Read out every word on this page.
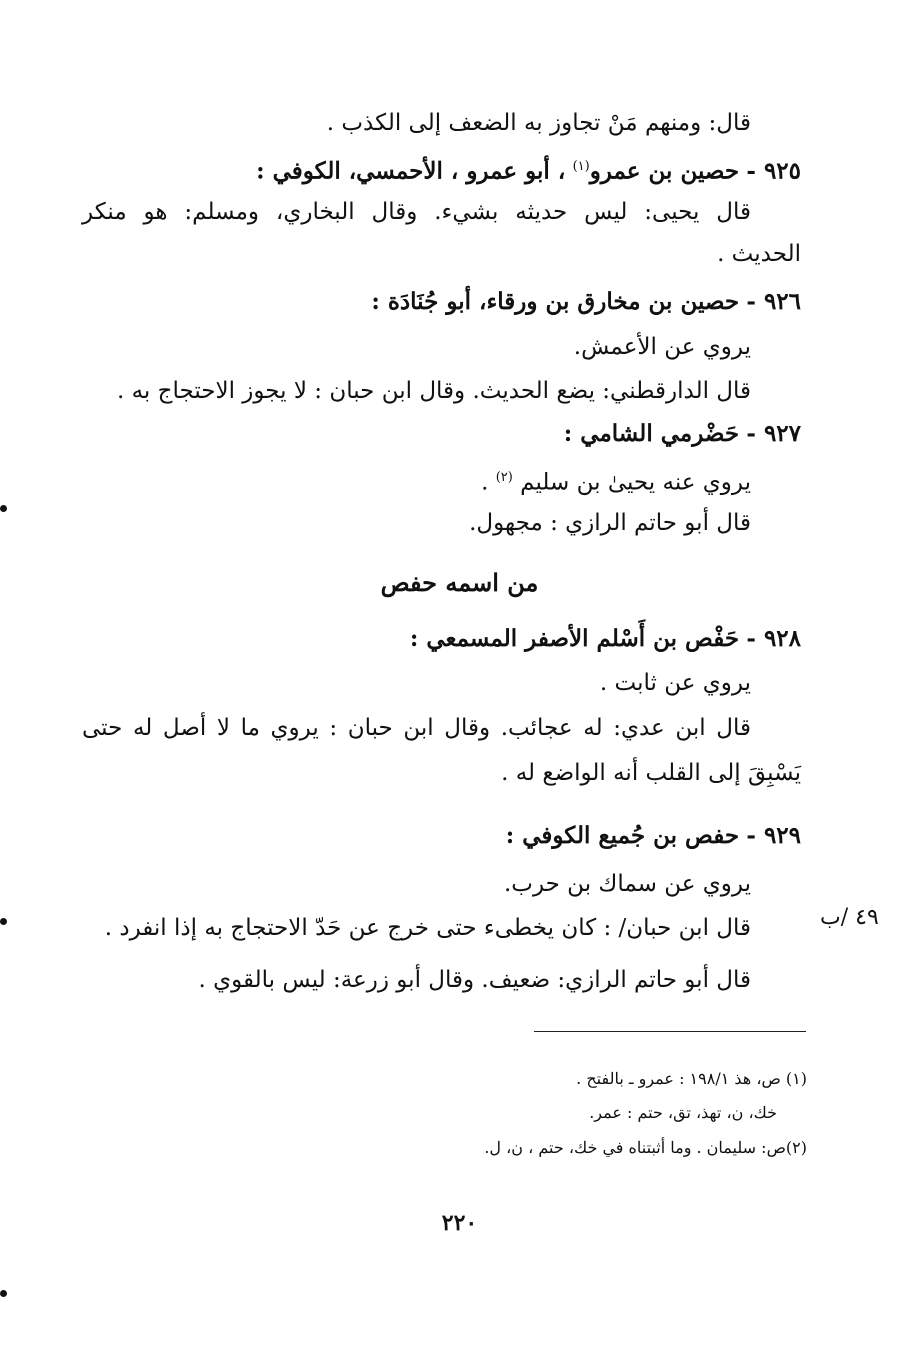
قال: ومنهم مَنْ تجاوز به الضعف إلى الكذب .
٩٢٥ - حصين بن عمرو$^{(١)}$ ، أبو عمرو ، الأحمسي، الكوفي :
قال يحيى: ليس حديثه بشيء. وقال البخاري، ومسلم: هو منكر
الحديث .
٩٢٦ - حصين بن مخارق بن ورقاء، أبو جُنَادَة :
يروي عن الأعمش.
قال الدارقطني: يضع الحديث. وقال ابن حبان : لا يجوز الاحتجاج به .
٩٢٧ - حَضْرمي الشامي :
يروي عنه يحيىٰ بن سليم $^{(٢)}$ .
قال أبو حاتم الرازي : مجهول.
من اسمه حفص
٩٢٨ - حَفْص بن أَسْلم الأصفر المسمعي :
يروي عن ثابت .
قال ابن عدي: له عجائب. وقال ابن حبان : يروي ما لا أصل له حتى
يَسْبِقَ إلى القلب أنه الواضع له .
٩٢٩ - حفص بن جُميع الكوفي :
يروي عن سماك بن حرب.
قال ابن حبان/ : كان يخطىء حتى خرج عن حَدّ الاحتجاج به إذا انفرد .
قال أبو حاتم الرازي: ضعيف. وقال أبو زرعة: ليس بالقوي .
٤٩ /ب
(١) ص، هذ ١٩٨/١ : عمرو ـ بالفتح .
خك، ن، تهذ، تق، حتم : عمر.
(٢)ص: سليمان . وما أثبتناه في خك، حتم ، ن، ل.
٢٢٠
